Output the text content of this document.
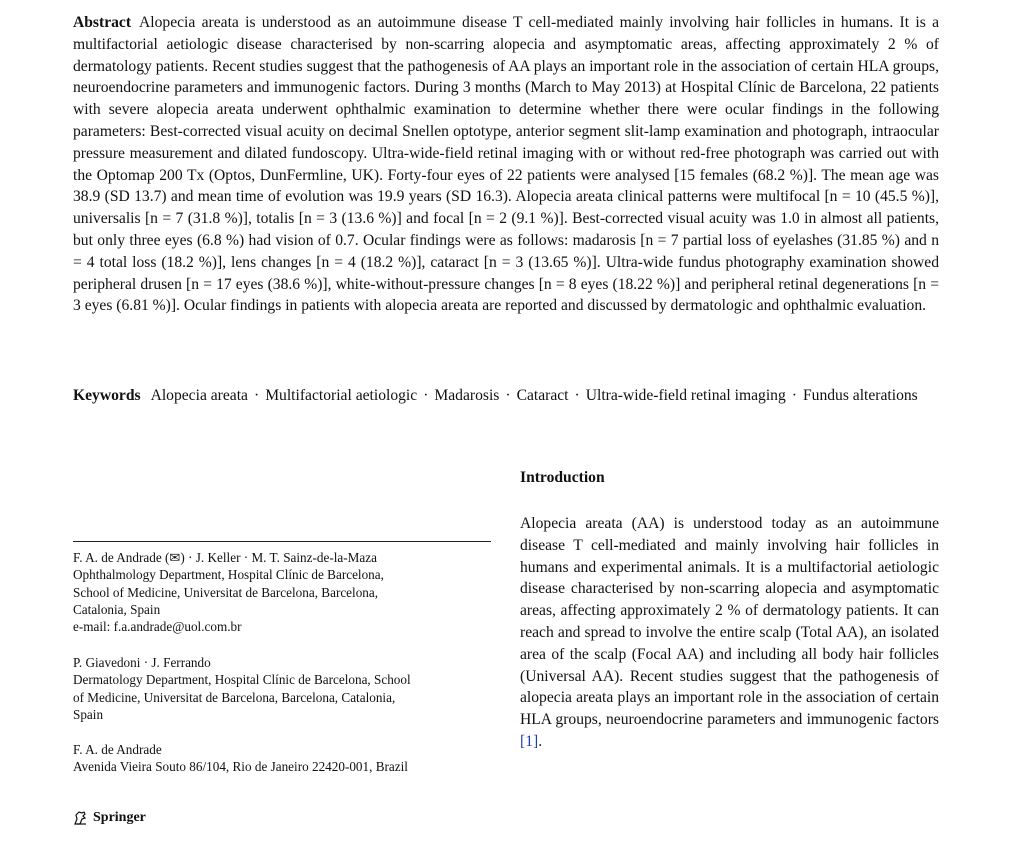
Abstract Alopecia areata is understood as an autoimmune disease T cell-mediated mainly involving hair follicles in humans. It is a multifactorial aetiologic disease characterised by non-scarring alopecia and asymptomatic areas, affecting approximately 2 % of dermatology patients. Recent studies suggest that the pathogenesis of AA plays an important role in the association of certain HLA groups, neuroendocrine parameters and immunogenic factors. During 3 months (March to May 2013) at Hospital Clínic de Barcelona, 22 patients with severe alopecia areata underwent ophthalmic examination to determine whether there were ocular findings in the following parameters: Best-corrected visual acuity on decimal Snellen optotype, anterior segment slit-lamp examination and photograph, intraocular pressure measurement and dilated fundoscopy. Ultra-wide-field retinal imaging with or without red-free photograph was carried out with the Optomap 200 Tx (Optos, DunFermline, UK). Forty-four eyes of 22 patients were analysed [15 females (68.2 %)]. The mean age was 38.9 (SD 13.7) and mean time of evolution was 19.9 years (SD 16.3). Alopecia areata clinical patterns were multifocal [n = 10 (45.5 %)], universalis [n = 7 (31.8 %)], totalis [n = 3 (13.6 %)] and focal [n = 2 (9.1 %)]. Best-corrected visual acuity was 1.0 in almost all patients, but only three eyes (6.8 %) had vision of 0.7. Ocular findings were as follows: madarosis [n = 7 partial loss of eyelashes (31.85 %) and n = 4 total loss (18.2 %)], lens changes [n = 4 (18.2 %)], cataract [n = 3 (13.65 %)]. Ultra-wide fundus photography examination showed peripheral drusen [n = 17 eyes (38.6 %)], white-without-pressure changes [n = 8 eyes (18.22 %)] and peripheral retinal degenerations [n = 3 eyes (6.81 %)]. Ocular findings in patients with alopecia areata are reported and discussed by dermatologic and ophthalmic evaluation.

Keywords Alopecia areata · Multifactorial aetiologic · Madarosis · Cataract · Ultra-wide-field retinal imaging · Fundus alterations

Introduction

Alopecia areata (AA) is understood today as an autoimmune disease T cell-mediated and mainly involving hair follicles in humans and experimental animals. It is a multifactorial aetiologic disease characterised by non-scarring alopecia and asymptomatic areas, affecting approximately 2 % of dermatology patients. It can reach and spread to involve the entire scalp (Total AA), an isolated area of the scalp (Focal AA) and including all body hair follicles (Universal AA). Recent studies suggest that the pathogenesis of alopecia areata plays an important role in the association of certain HLA groups, neuroendocrine parameters and immunogenic factors [1].

F. A. de Andrade (✉) · J. Keller · M. T. Sainz-de-la-Maza
Ophthalmology Department, Hospital Clínic de Barcelona,
School of Medicine, Universitat de Barcelona, Barcelona,
Catalonia, Spain
e-mail: f.a.andrade@uol.com.br
P. Giavedoni · J. Ferrando
Dermatology Department, Hospital Clínic de Barcelona, School
of Medicine, Universitat de Barcelona, Barcelona, Catalonia,
Spain
F. A. de Andrade
Avenida Vieira Souto 86/104, Rio de Janeiro 22420-001, Brazil
Springer
